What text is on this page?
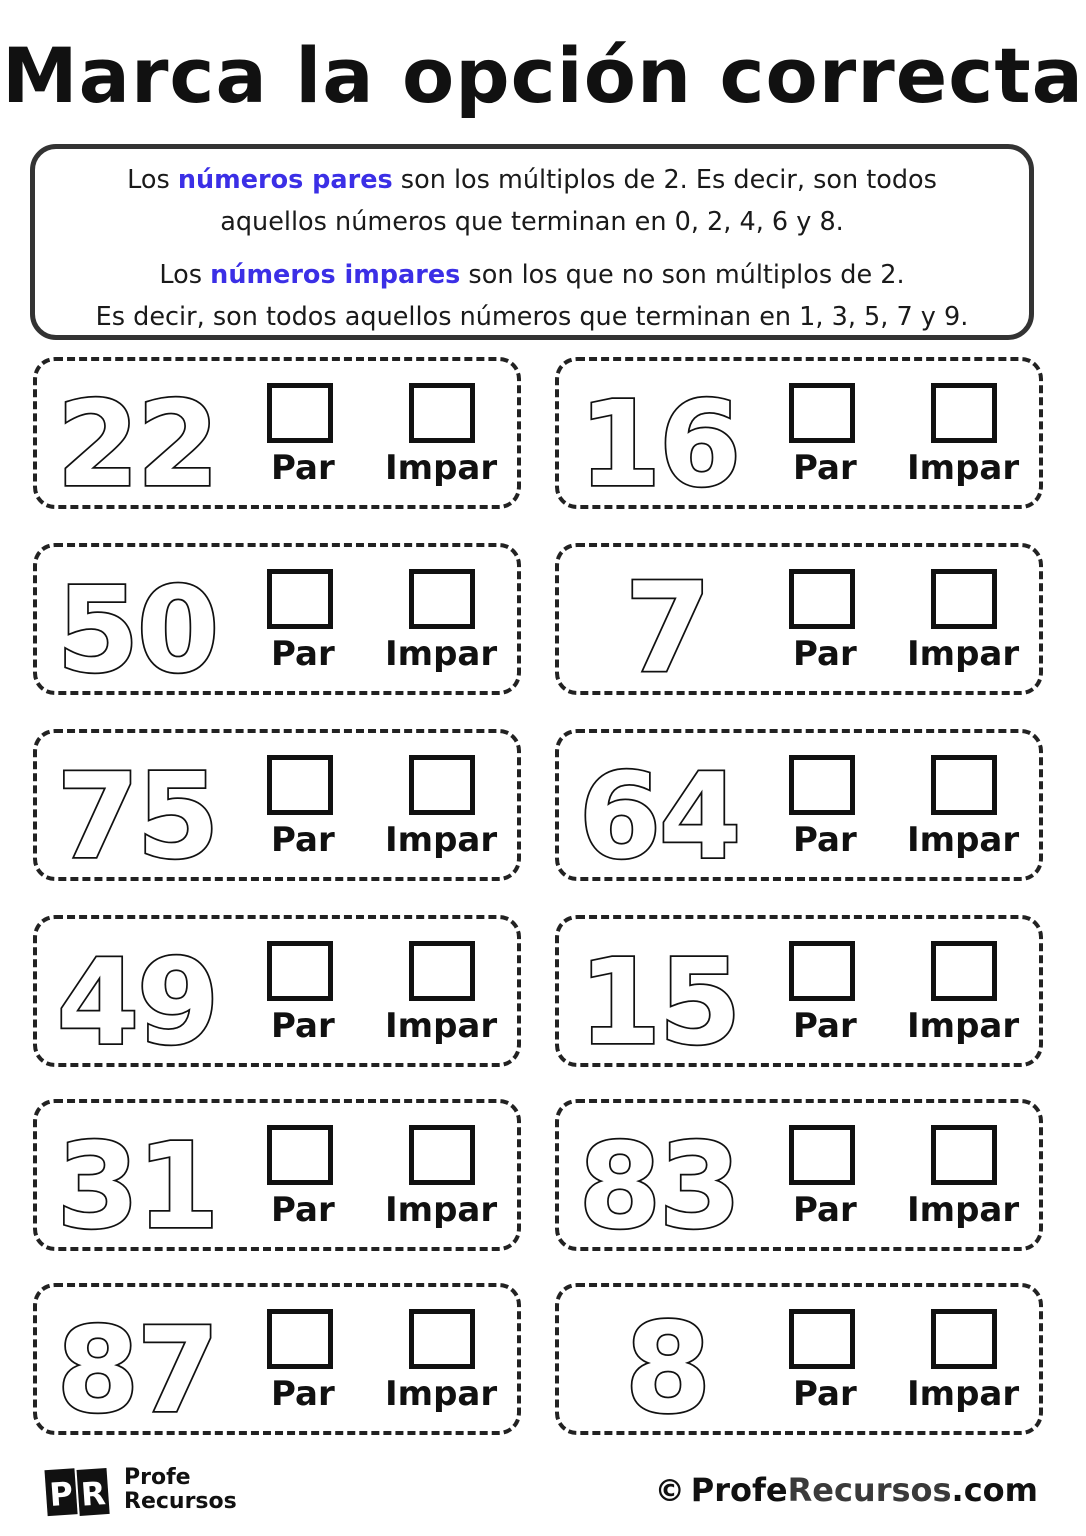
Marca la opción correcta
Los números pares son los múltiplos de 2. Es decir, son todos
aquellos números que terminan en 0, 2, 4, 6 y 8.
Los números impares son los que no son múltiplos de 2.
Es decir, son todos aquellos números que terminan en 1, 3, 5, 7 y 9.
22 Par Impar 16 Par Impar
50 Par Impar 7 Par Impar
75 Par Impar 64 Par Impar
49 Par Impar 15 Par Impar
31 Par Impar 83 Par Impar
87 Par Impar 8 Par Impar
P R Profe
Recursos	© ProfeRecursos.com
